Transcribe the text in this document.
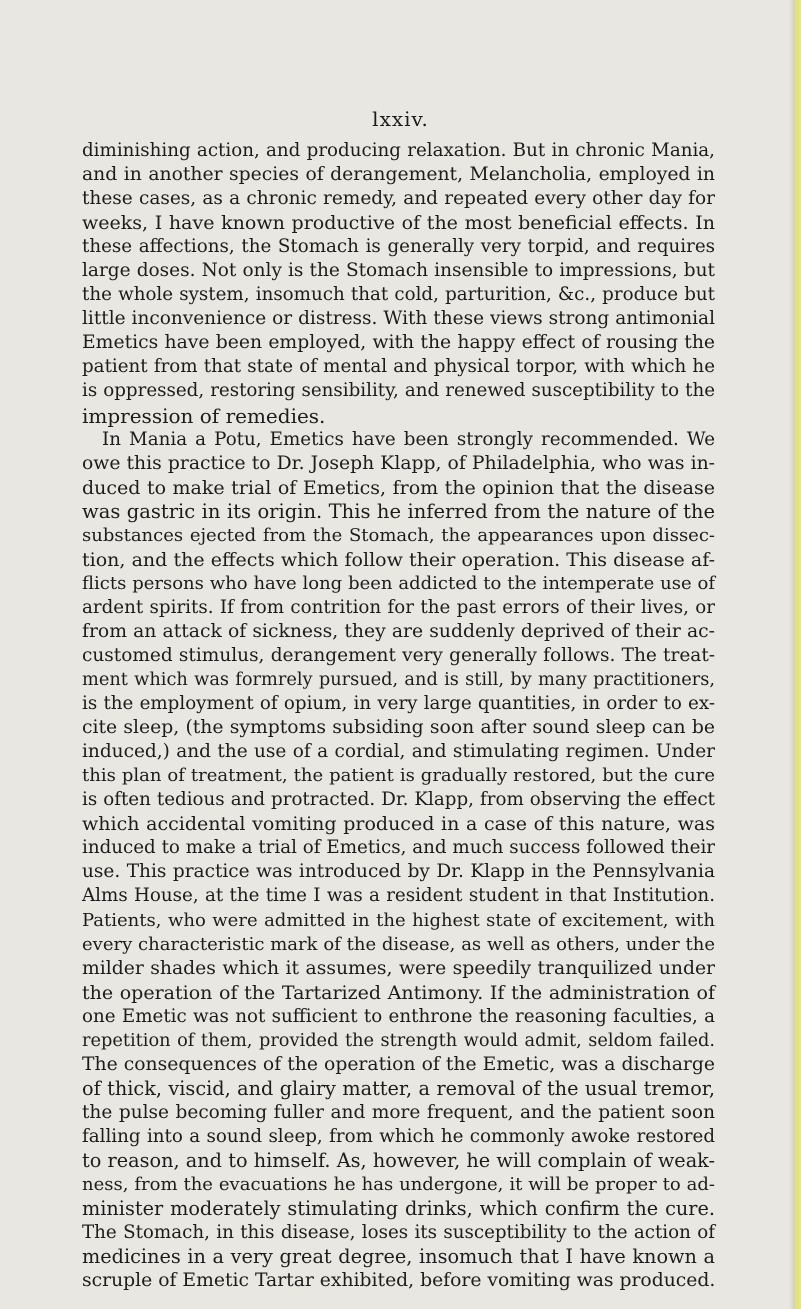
lxxiv.
diminishing action, and producing relaxation. But in chronic Mania,
and in another species of derangement, Melancholia, employed in
these cases, as a chronic remedy, and repeated every other day for
weeks, I have known productive of the most beneficial effects. In
these affections, the Stomach is generally very torpid, and requires
large doses. Not only is the Stomach insensible to impressions, but
the whole system, insomuch that cold, parturition, &c., produce but
little inconvenience or distress. With these views strong antimonial
Emetics have been employed, with the happy effect of rousing the
patient from that state of mental and physical torpor, with which he
is oppressed, restoring sensibility, and renewed susceptibility to the
impression of remedies.
In Mania a Potu, Emetics have been strongly recommended. We
owe this practice to Dr. Joseph Klapp, of Philadelphia, who was in-
duced to make trial of Emetics, from the opinion that the disease
was gastric in its origin. This he inferred from the nature of the
substances ejected from the Stomach, the appearances upon dissec-
tion, and the effects which follow their operation. This disease af-
flicts persons who have long been addicted to the intemperate use of
ardent spirits. If from contrition for the past errors of their lives, or
from an attack of sickness, they are suddenly deprived of their ac-
customed stimulus, derangement very generally follows. The treat-
ment which was formrely pursued, and is still, by many practitioners,
is the employment of opium, in very large quantities, in order to ex-
cite sleep, (the symptoms subsiding soon after sound sleep can be
induced,) and the use of a cordial, and stimulating regimen. Under
this plan of treatment, the patient is gradually restored, but the cure
is often tedious and protracted. Dr. Klapp, from observing the effect
which accidental vomiting produced in a case of this nature, was
induced to make a trial of Emetics, and much success followed their
use. This practice was introduced by Dr. Klapp in the Pennsylvania
Alms House, at the time I was a resident student in that Institution.
Patients, who were admitted in the highest state of excitement, with
every characteristic mark of the disease, as well as others, under the
milder shades which it assumes, were speedily tranquilized under
the operation of the Tartarized Antimony. If the administration of
one Emetic was not sufficient to enthrone the reasoning faculties, a
repetition of them, provided the strength would admit, seldom failed.
The consequences of the operation of the Emetic, was a discharge
of thick, viscid, and glairy matter, a removal of the usual tremor,
the pulse becoming fuller and more frequent, and the patient soon
falling into a sound sleep, from which he commonly awoke restored
to reason, and to himself. As, however, he will complain of weak-
ness, from the evacuations he has undergone, it will be proper to ad-
minister moderately stimulating drinks, which confirm the cure.
The Stomach, in this disease, loses its susceptibility to the action of
medicines in a very great degree, insomuch that I have known a
scruple of Emetic Tartar exhibited, before vomiting was produced.
